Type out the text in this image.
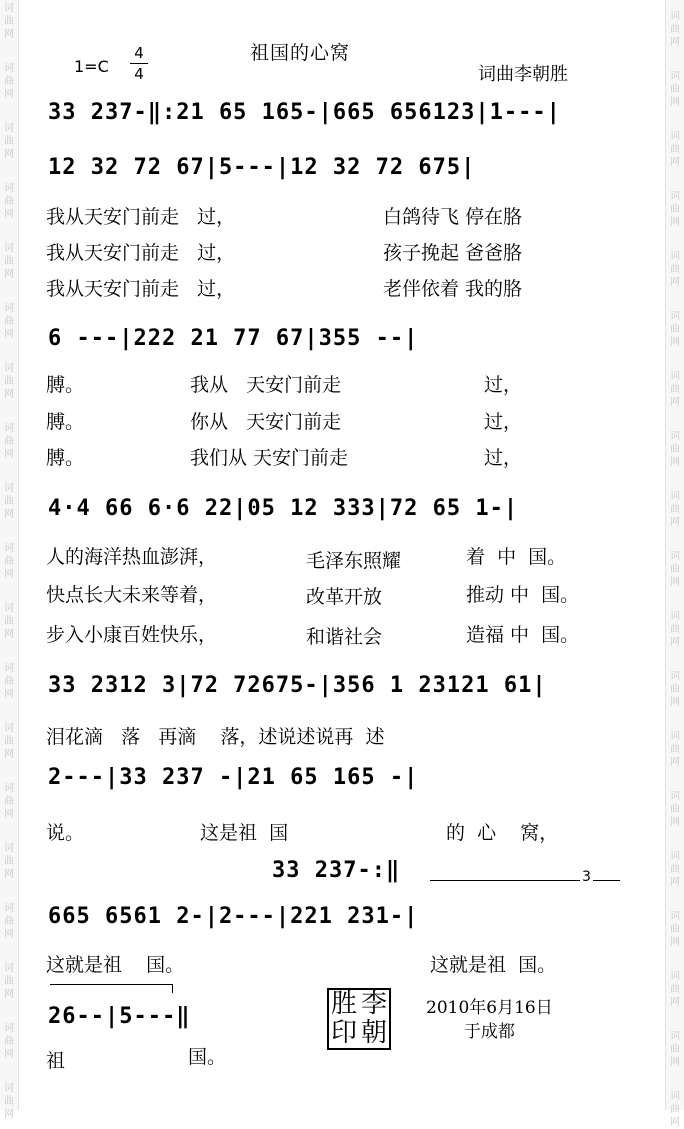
词
曲
网
词
曲
网
词
曲
网
词
曲
网
词
曲
网
词
曲
网
词
曲
网
词
曲
网
词
曲
网
词
曲
网
词
曲
网
词
曲
网
词
曲
网
词
曲
网
词
曲
网
词
曲
网
词
曲
网
词
曲
网
词
曲
网
词
曲
网
词
曲
网
词
曲
网
词
曲
网
词
曲
网
词
曲
网
词
曲
网
词
曲
网
词
曲
网
词
曲
网
词
曲
网
词
曲
网
词
曲
网
词
曲
网
词
曲
网
词
曲
网
词
曲
网
词
曲
网
词
曲
网
祖国的心窝
词曲李朝胜
1=C
4
4
33 237-‖:21 65 165-|665 656123|1---|
12 32 72 67|5---|12 32 72 675|
我从天安门前走   过，	白鸽待飞 停在胳
我从天安门前走   过，	孩子挽起 爸爸胳
我从天安门前走   过，	老伴依着 我的胳
6 ---|222 21 77 67|355 --|
膊。	我从   天安门前走	过，
膊。	你从   天安门前走	过，
膊。	我们从 天安门前走	过，
4·4 66 6·6 22|05 12 333|72 65 1-|
人的海洋热血澎湃，	毛泽东照耀	着  中  国。
快点长大未来等着，	改革开放	推动 中  国。
步入小康百姓快乐，	和谐社会	造福 中  国。
33 2312 3|72 72675-|356 1 23121 61|
泪花滴   落   再滴    落，述说述说再  述
2---|33 237 -|21 65 165 -|
说。	这是祖  国	的  心    窝，
33 237-:‖	3
665 6561 2-|2---|221 231-|
这就是祖    国。	这就是祖  国。
26--|5---‖
祖	国。
胜 李
印 朝
2010年6月16日
于成都
